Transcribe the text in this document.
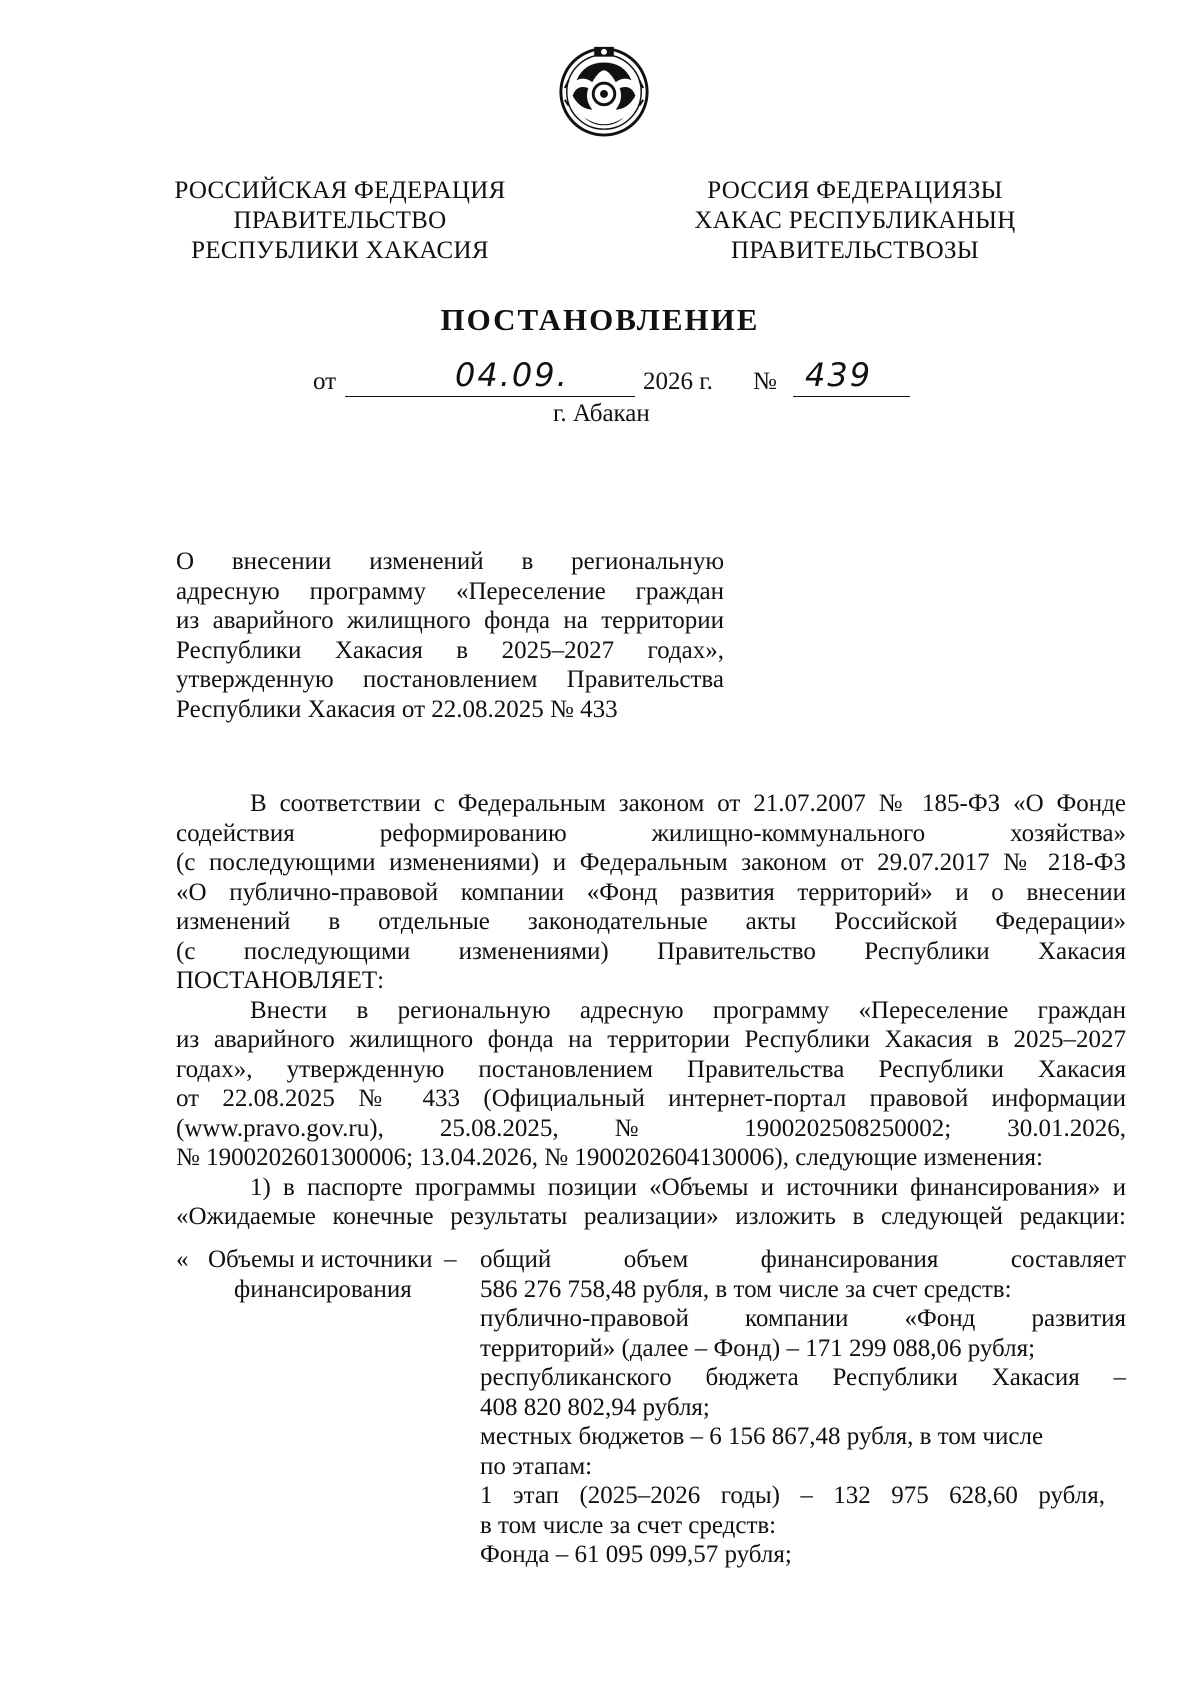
РОССИЙСКАЯ ФЕДЕРАЦИЯ
ПРАВИТЕЛЬСТВО
РЕСПУБЛИКИ ХАКАСИЯ
РОССИЯ ФЕДЕРАЦИЯЗЫ
ХАКАС РЕСПУБЛИКАНЫҢ
ПРАВИТЕЛЬСТВОЗЫ
ПОСТАНОВЛЕНИЕ
от	04.09.	2026 г. № 439
г. Абакан
О внесении изменений в региональную
адресную программу «Переселение граждан
из аварийного жилищного фонда на территории
Республики Хакасия в 2025–2027 годах»,
утвержденную постановлением Правительства
Республики Хакасия от 22.08.2025 № 433
В соответствии с Федеральным законом от 21.07.2007 № 185-ФЗ «О Фонде
содействия реформированию жилищно-коммунального хозяйства»
(с последующими изменениями) и Федеральным законом от 29.07.2017 № 218-ФЗ
«О публично-правовой компании «Фонд развития территорий» и о внесении
изменений в отдельные законодательные акты Российской Федерации»
(с последующими изменениями) Правительство Республики Хакасия
ПОСТАНОВЛЯЕТ:
Внести в региональную адресную программу «Переселение граждан
из аварийного жилищного фонда на территории Республики Хакасия в 2025–2027
годах», утвержденную постановлением Правительства Республики Хакасия
от 22.08.2025 № 433 (Официальный интернет-портал правовой информации
(www.pravo.gov.ru), 25.08.2025, № 1900202508250002; 30.01.2026,
№ 1900202601300006; 13.04.2026, № 1900202604130006), следующие изменения:
1) в паспорте программы позиции «Объемы и источники финансирования» и
«Ожидаемые конечные результаты реализации» изложить в следующей редакции:
« Объемы и источники
финансирования
– общий объем финансирования составляет
586 276 758,48 рубля, в том числе за счет средств:
публично-правовой компании «Фонд развития
территорий» (далее – Фонд) – 171 299 088,06 рубля;
республиканского бюджета Республики Хакасия –
408 820 802,94 рубля;
местных бюджетов – 6 156 867,48 рубля, в том числе
по этапам:
1 этап (2025–2026 годы) – 132 975 628,60 рубля,
в том числе за счет средств:
Фонда – 61 095 099,57 рубля;
